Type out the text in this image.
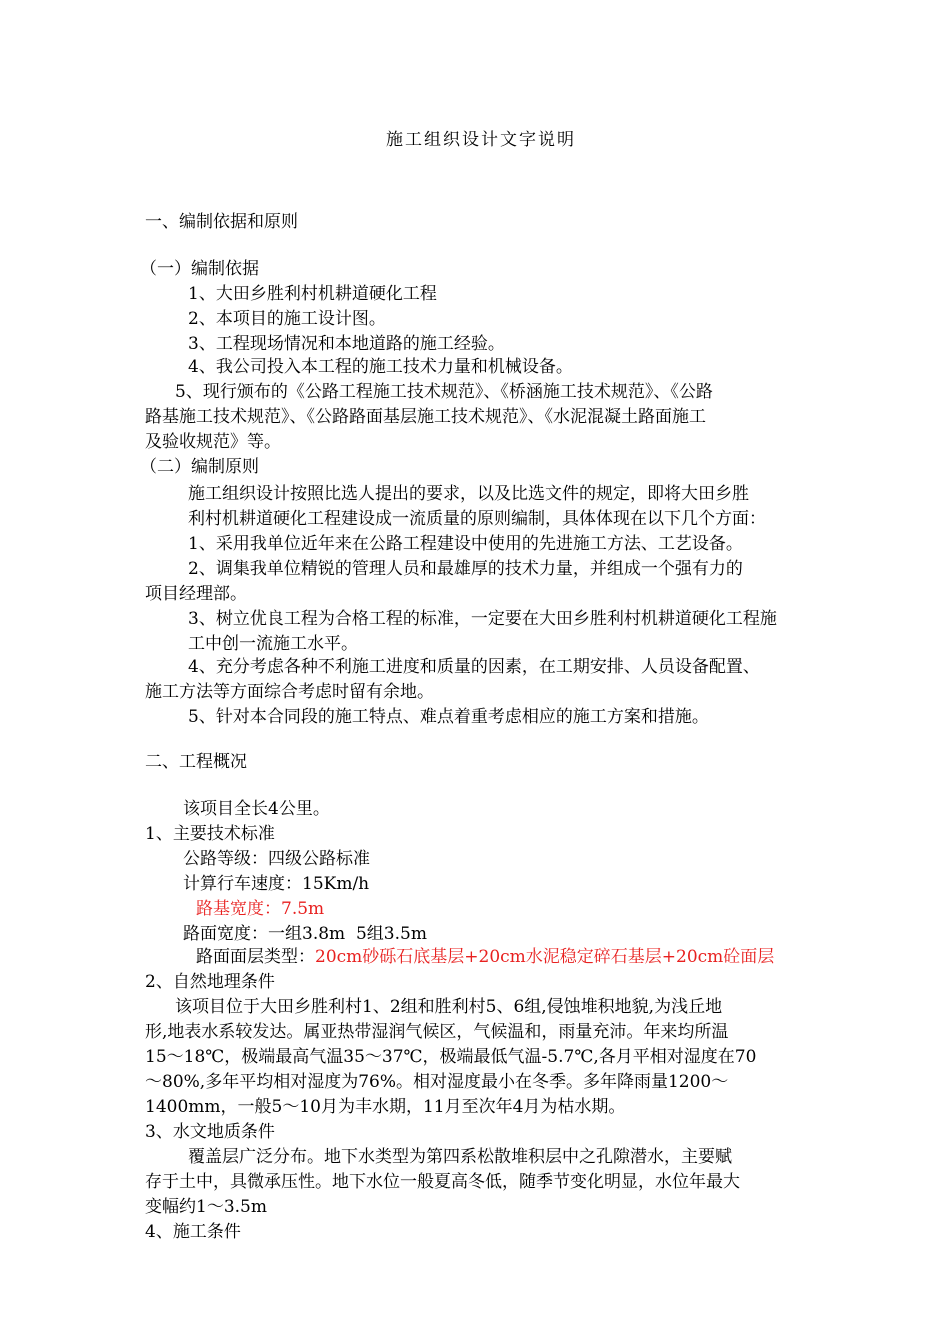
施工组织设计文字说明
一、编制依据和原则
（一）编制依据
1、大田乡胜利村机耕道硬化工程
2、本项目的施工设计图。
3、工程现场情况和本地道路的施工经验。
4、我公司投入本工程的施工技术力量和机械设备。
5、现行颁布的《公路工程施工技术规范》、《桥涵施工技术规范》、《公路
路基施工技术规范》、《公路路面基层施工技术规范》、《水泥混凝土路面施工
及验收规范》等。
（二）编制原则
施工组织设计按照比选人提出的要求，以及比选文件的规定，即将大田乡胜
利村机耕道硬化工程建设成一流质量的原则编制，具体体现在以下几个方面：
1、采用我单位近年来在公路工程建设中使用的先进施工方法、工艺设备。
2、调集我单位精锐的管理人员和最雄厚的技术力量，并组成一个强有力的
项目经理部。
3、树立优良工程为合格工程的标准，一定要在大田乡胜利村机耕道硬化工程施
工中创一流施工水平。
4、充分考虑各种不利施工进度和质量的因素，在工期安排、人员设备配置、
施工方法等方面综合考虑时留有余地。
5、针对本合同段的施工特点、难点着重考虑相应的施工方案和措施。
二、工程概况
该项目全长4公里。
1、主要技术标准
公路等级：四级公路标准
计算行车速度：15Km/h
路基宽度：7.5m
路面宽度：一组3.8m  5组3.5m
路面面层类型：20cm砂砾石底基层+20cm水泥稳定碎石基层+20cm砼面层
2、自然地理条件
该项目位于大田乡胜利村1、2组和胜利村5、6组,侵蚀堆积地貌,为浅丘地
形,地表水系较发达。属亚热带湿润气候区，气候温和，雨量充沛。年来均所温
15～18℃，极端最高气温35～37℃，极端最低气温-5.7℃,各月平相对湿度在70
～80%,多年平均相对湿度为76%。相对湿度最小在冬季。多年降雨量1200～
1400mm，一般5～10月为丰水期，11月至次年4月为枯水期。
3、水文地质条件
覆盖层广泛分布。地下水类型为第四系松散堆积层中之孔隙潜水，主要赋
存于土中，具微承压性。地下水位一般夏高冬低，随季节变化明显，水位年最大
变幅约1～3.5m
4、施工条件
